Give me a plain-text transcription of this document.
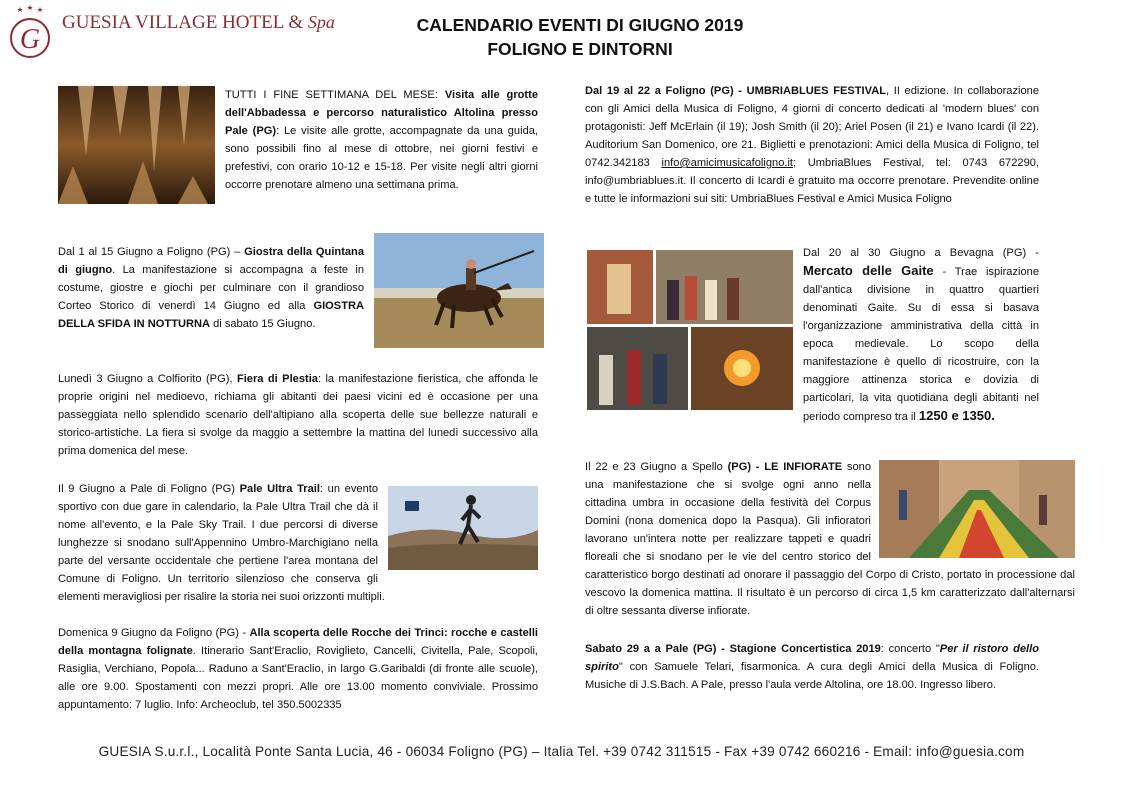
G
GUESIA VILLAGE HOTEL & Spa	CALENDARIO EVENTI DI GIUGNO 2019
FOLIGNO E DINTORNI
TUTTI I FINE SETTIMANA DEL MESE: Visita alle grotte dell'Abbadessa e percorso naturalistico Altolina presso Pale (PG): Le visite alle grotte, accompagnate da una guida, sono possibili fino al mese di ottobre, nei giorni festivi e prefestivi, con orario 10-12 e 15-18. Per visite negli altri giorni occorre prenotare almeno una settimana prima.
Dal 1 al 15 Giugno a Foligno (PG) – Giostra della Quintana di giugno. La manifestazione si accompagna a feste in costume, giostre e giochi per culminare con il grandioso Corteo Storico di venerdì 14 Giugno ed alla GIOSTRA DELLA SFIDA IN NOTTURNA di sabato 15 Giugno.
Lunedì 3 Giugno a Colfiorito (PG), Fiera di Plestia: la manifestazione fieristica, che affonda le proprie origini nel medioevo, richiama gli abitanti dei paesi vicini ed è occasione per una passeggiata nello splendido scenario dell'altipiano alla scoperta delle sue bellezze naturali e storico-artistiche. La fiera si svolge da maggio a settembre la mattina del lunedì successivo alla prima domenica del mese.
Il 9 Giugno a Pale di Foligno (PG) Pale Ultra Trail: un evento sportivo con due gare in calendario, la Pale Ultra Trail che dà il nome all'evento, e la Pale Sky Trail. I due percorsi di diverse lunghezze si snodano sull'Appennino Umbro-Marchigiano nella parte del versante occidentale che pertiene l'area montana del Comune di Foligno. Un territorio silenzioso che conserva gli elementi meravigliosi per risalire la storia nei suoi orizzonti multipli.
Domenica 9 Giugno da Foligno (PG) - Alla scoperta delle Rocche dei Trinci: rocche e castelli della montagna folignate. Itinerario Sant'Eraclio, Roviglieto, Cancelli, Civitella, Pale, Scopoli, Rasiglia, Verchiano, Popola... Raduno a Sant'Eraclio, in largo G.Garibaldi (di fronte alle scuole), alle ore 9.00. Spostamenti con mezzi propri. Alle ore 13.00 momento conviviale. Prossimo appuntamento: 7 luglio. Info: Archeoclub, tel 350.5002335
Dal 19 al 22 a Foligno (PG) - UMBRIABLUES FESTIVAL, II edizione. In collaborazione con gli Amici della Musica di Foligno, 4 giorni di concerto dedicati al 'modern blues' con protagonisti: Jeff McErlain (il 19); Josh Smith (il 20); Ariel Posen (il 21) e Ivano Icardi (il 22). Auditorium San Domenico, ore 21. Biglietti e prenotazioni: Amici della Musica di Foligno, tel 0742.342183 info@amicimusicafoligno.it; UmbriaBlues Festival, tel: 0743 672290, info@umbriablues.it. Il concerto di Icardi è gratuito ma occorre prenotare. Prevendite online e tutte le informazioni sui siti: UmbriaBlues Festival e Amici Musica Foligno
Dal 20 al 30 Giugno a Bevagna (PG) - Mercato delle Gaite - Trae ispirazione dall'antica divisione in quattro quartieri denominati Gaite. Su di essa si basava l'organizzazione amministrativa della città in epoca medievale. Lo scopo della manifestazione è quello di ricostruire, con la maggiore attinenza storica e dovizia di particolari, la vita quotidiana degli abitanti nel periodo compreso tra il 1250 e 1350.
Il 22 e 23 Giugno a Spello (PG) - LE INFIORATE sono una manifestazione che si svolge ogni anno nella cittadina umbra in occasione della festività del Corpus Domini (nona domenica dopo la Pasqua). Gli infioratori lavorano un'intera notte per realizzare tappeti e quadri floreali che si snodano per le vie del centro storico del caratteristico borgo destinati ad onorare il passaggio del Corpo di Cristo, portato in processione dal vescovo la domenica mattina. Il risultato è un percorso di circa 1,5 km caratterizzato dall'alternarsi di oltre sessanta diverse infiorate.
Sabato 29 a a Pale (PG) - Stagione Concertistica 2019: concerto "Per il ristoro dello spirito" con Samuele Telari, fisarmonica. A cura degli Amici della Musica di Foligno. Musiche di J.S.Bach. A Pale, presso l'aula verde Altolina, ore 18.00. Ingresso libero.
GUESIA S.u.r.l., Località Ponte Santa Lucia, 46 - 06034 Foligno (PG) – Italia Tel. +39 0742 311515 - Fax +39 0742 660216 - Email: info@guesia.com
